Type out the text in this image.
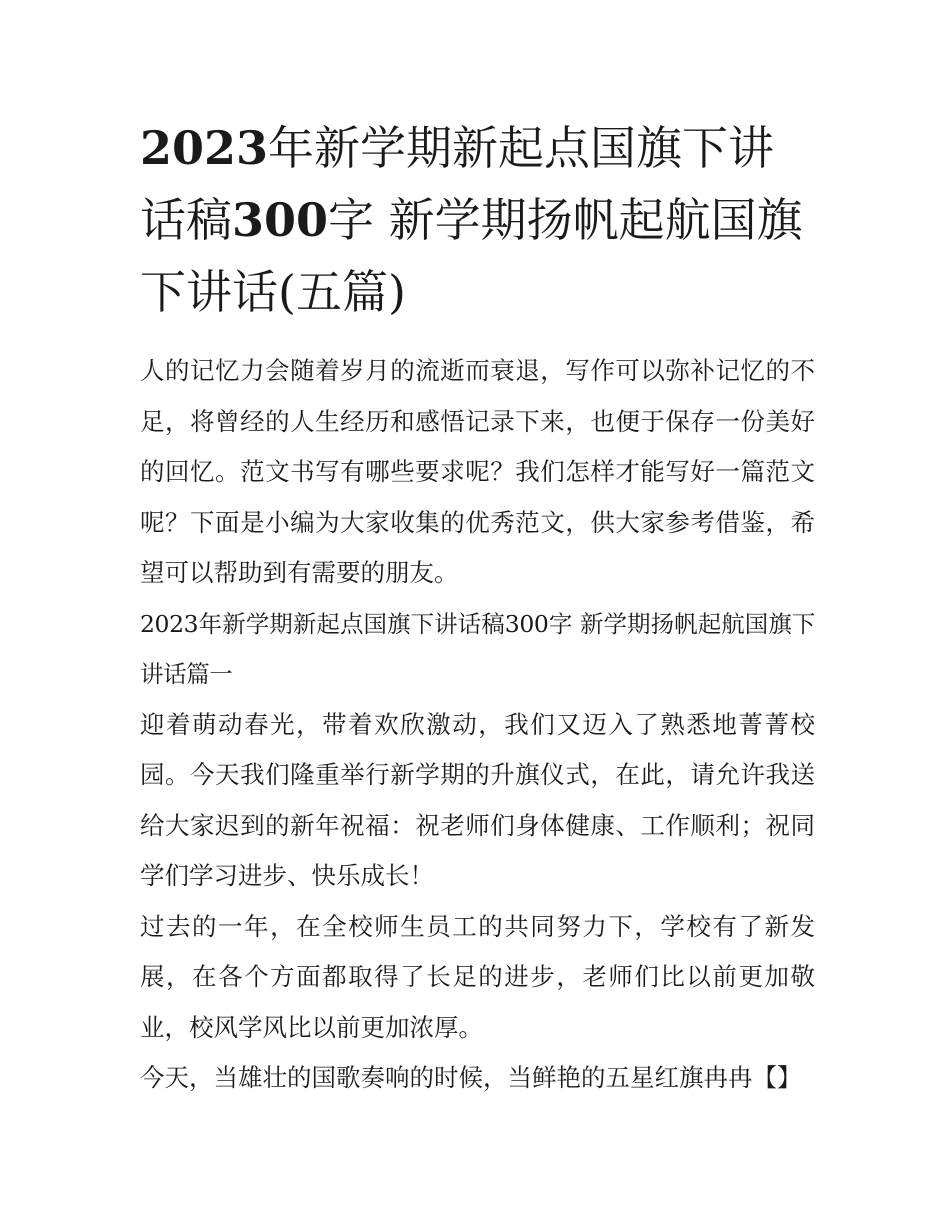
2023年新学期新起点国旗下讲话稿300字 新学期扬帆起航国旗下讲话(五篇)

人的记忆力会随着岁月的流逝而衰退，写作可以弥补记忆的不足，将曾经的人生经历和感悟记录下来，也便于保存一份美好的回忆。范文书写有哪些要求呢？我们怎样才能写好一篇范文呢？下面是小编为大家收集的优秀范文，供大家参考借鉴，希望可以帮助到有需要的朋友。

2023年新学期新起点国旗下讲话稿300字 新学期扬帆起航国旗下讲话篇一

迎着萌动春光，带着欢欣激动，我们又迈入了熟悉地菁菁校园。今天我们隆重举行新学期的升旗仪式，在此，请允许我送给大家迟到的新年祝福：祝老师们身体健康、工作顺利；祝同学们学习进步、快乐成长！

过去的一年，在全校师生员工的共同努力下，学校有了新发展，在各个方面都取得了长足的进步，老师们比以前更加敬业，校风学风比以前更加浓厚。

今天，当雄壮的国歌奏响的时候，当鲜艳的五星红旗冉冉【】
